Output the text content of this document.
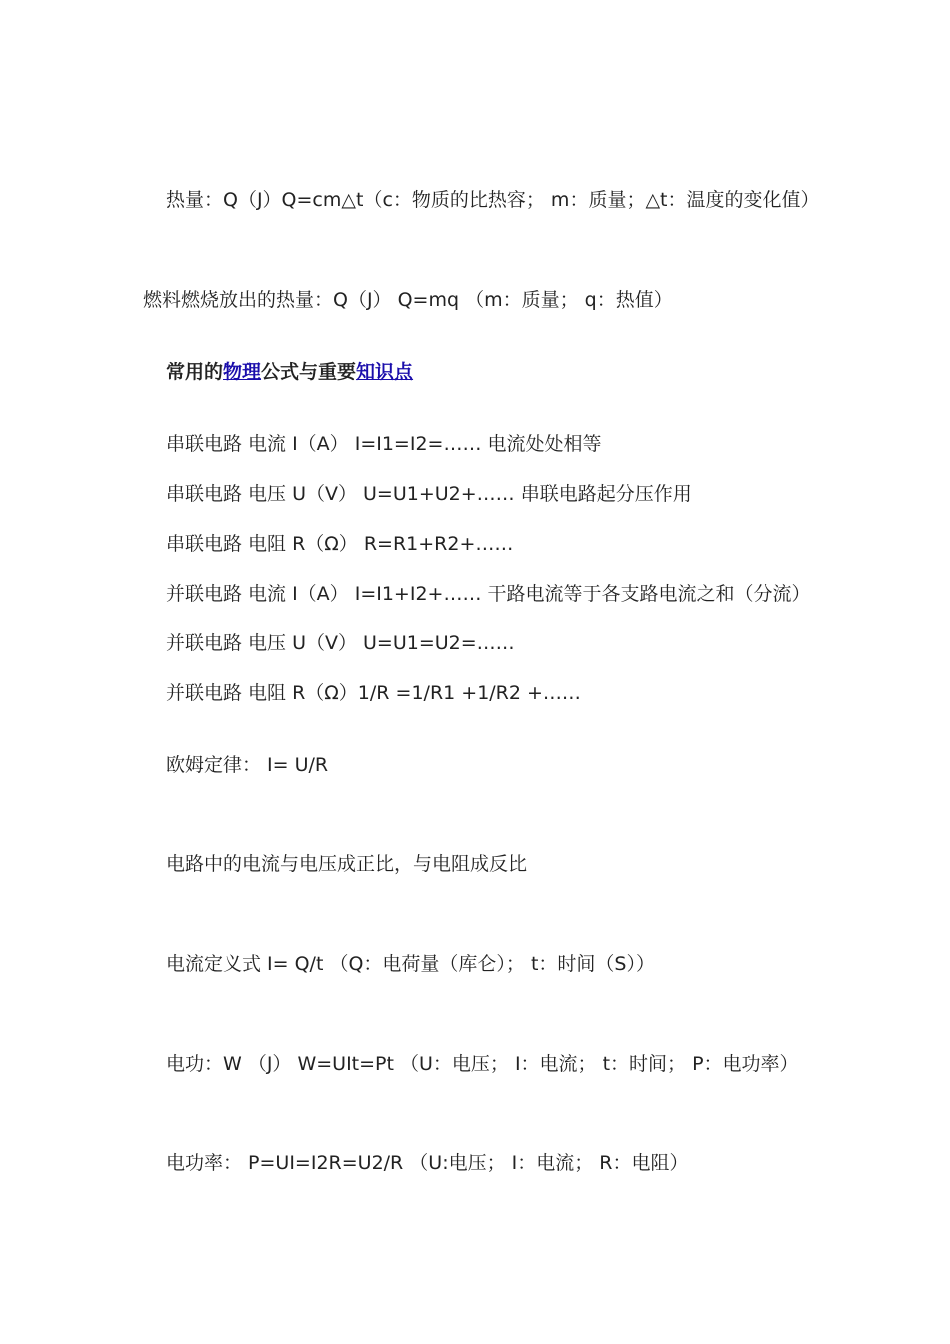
热量：Q（J）Q=cm△t（c：物质的比热容； m：质量；△t：温度的变化值）

燃料燃烧放出的热量：Q（J） Q=mq （m：质量； q：热值）

常用的物理公式与重要知识点

串联电路 电流 I（A） I=I1=I2=…… 电流处处相等

串联电路 电压 U（V） U=U1+U2+…… 串联电路起分压作用

串联电路 电阻 R（Ω） R=R1+R2+……

并联电路 电流 I（A） I=I1+I2+…… 干路电流等于各支路电流之和（分流）

并联电路 电压 U（V） U=U1=U2=……

并联电路 电阻 R（Ω）1/R =1/R1 +1/R2 +……

欧姆定律： I= U/R

电路中的电流与电压成正比，与电阻成反比

电流定义式 I= Q/t （Q：电荷量（库仑）； t：时间（S））

电功：W （J） W=UIt=Pt （U：电压； I：电流； t：时间； P：电功率）

电功率： P=UI=I2R=U2/R （U:电压； I：电流； R：电阻）
